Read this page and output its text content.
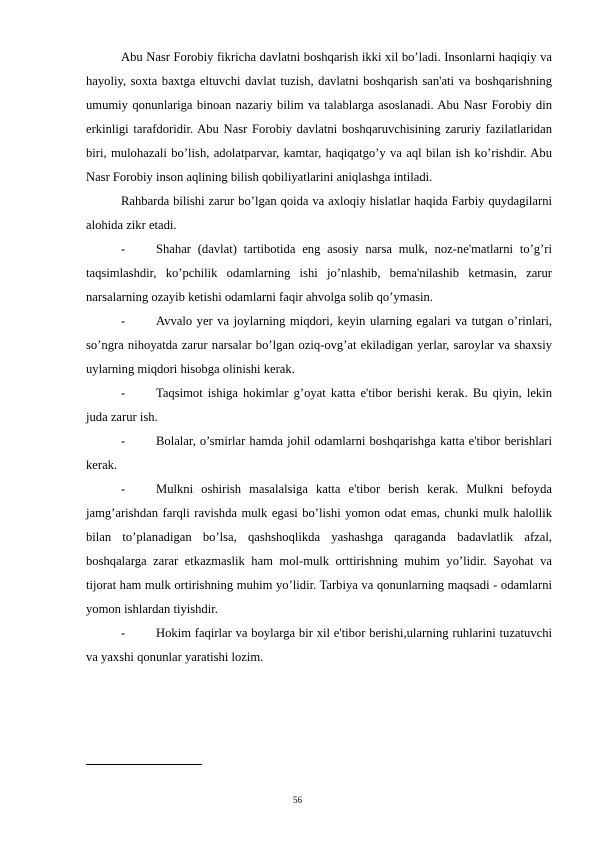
Abu Nasr Forobiy fikricha davlatni boshqarish ikki xil bo’ladi. Insonlarni haqiqiy va hayoliy, soxta baxtga eltuvchi davlat tuzish, davlatni boshqarish san'ati va boshqarishning umumiy qonunlariga binoan nazariy bilim va talablarga asoslanadi. Abu Nasr Forobiy din erkinligi tarafdoridir. Abu Nasr Forobiy davlatni boshqaruvchisining zaruriy fazilatlaridan biri, mulohazali bo’lish, adolatparvar, kamtar, haqiqatgo’y va aql bilan ish ko’rishdir. Abu Nasr Forobiy inson aqlining bilish qobiliyatlarini aniqlashga intiladi.

Rahbarda bilishi zarur bo’lgan qoida va axloqiy hislatlar haqida Farbiy quydagilarni alohida zikr etadi.

- Shahar (davlat) tartibotida eng asosiy narsa mulk, noz-ne'matlarni to’g’ri taqsimlashdir, ko’pchilik odamlarning ishi jo’nlashib, bema'nilashib ketmasin, zarur narsalarning ozayib ketishi odamlarni faqir ahvolga solib qo’ymasin.

- Avvalo yer va joylarning miqdori, keyin ularning egalari va tutgan o’rinlari, so’ngra nihoyatda zarur narsalar bo’lgan oziq-ovg’at ekiladigan yerlar, saroylar va shaxsiy uylarning miqdori hisobga olinishi kerak.

- Taqsimot ishiga hokimlar g’oyat katta e'tibor berishi kerak. Bu qiyin, lekin juda zarur ish.

- Bolalar, o’smirlar hamda johil odamlarni boshqarishga katta e'tibor berishlari kerak.

- Mulkni oshirish masalalsiga katta e'tibor berish kerak. Mulkni befoyda jamg’arishdan farqli ravishda mulk egasi bo’lishi yomon odat emas, chunki mulk halollik bilan to’planadigan bo’lsa, qashshoqlikda yashashga qaraganda badavlatlik afzal, boshqalarga zarar etkazmaslik ham mol-mulk orttirishning muhim yo’lidir. Sayohat va tijorat ham mulk ortirishning muhim yo’lidir. Tarbiya va qonunlarning maqsadi - odamlarni yomon ishlardan tiyishdir.

- Hokim faqirlar va boylarga bir xil e'tibor berishi,ularning ruhlarini tuzatuvchi va yaxshi qonunlar yaratishi lozim.

56
